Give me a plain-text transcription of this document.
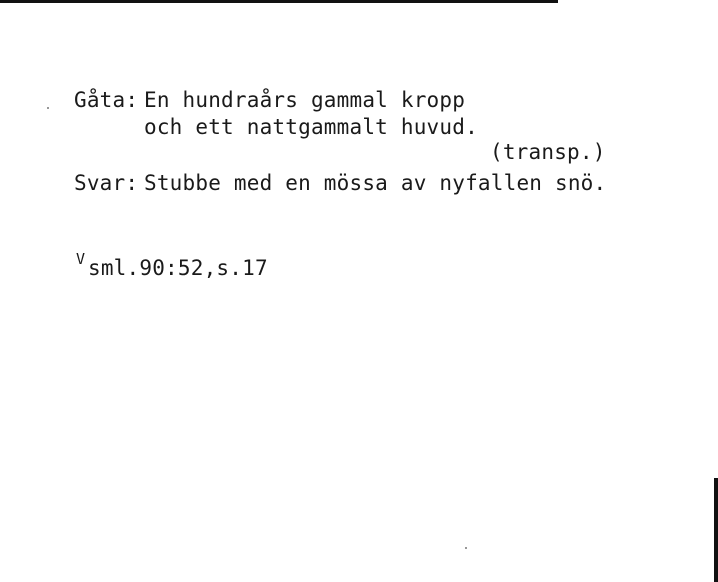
Gåta: En hundraårs gammal kropp
och ett nattgammalt huvud.
(transp.)
Svar: Stubbe med en mössa av nyfallen snö.
V sml.90:52,s.17
